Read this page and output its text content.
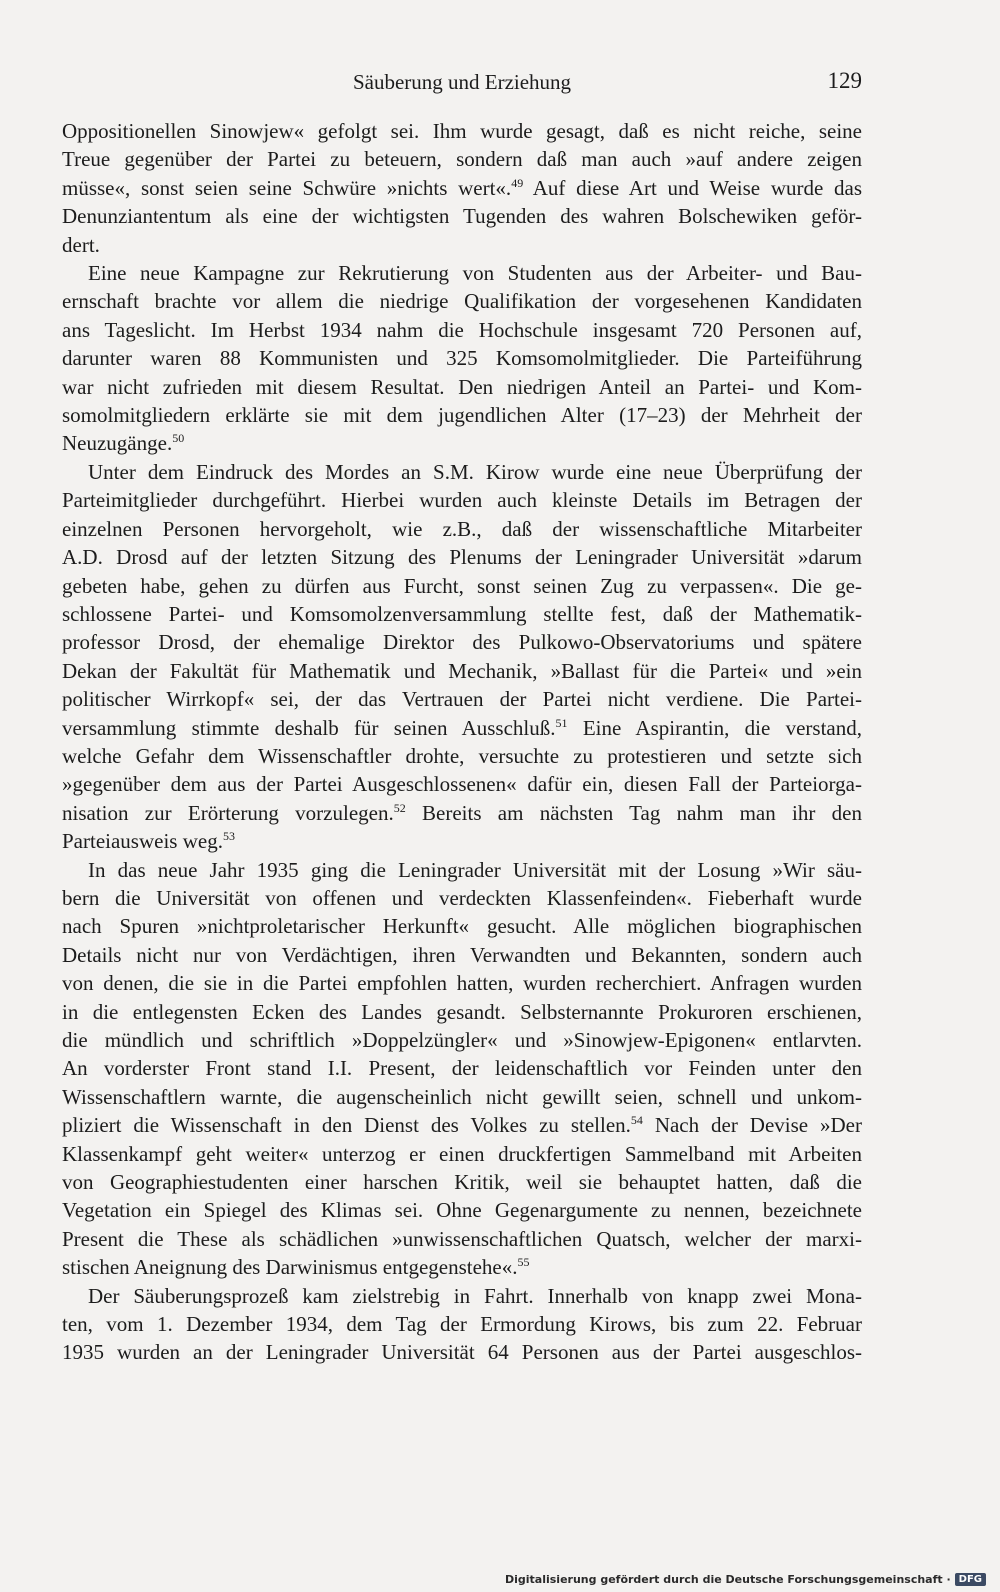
Säuberung und Erziehung	129
Oppositionellen Sinowjew« gefolgt sei. Ihm wurde gesagt, daß es nicht reiche, seine
Treue gegenüber der Partei zu beteuern, sondern daß man auch »auf andere zeigen
müsse«, sonst seien seine Schwüre »nichts wert«.$^{49}$ Auf diese Art und Weise wurde das
Denunziantentum als eine der wichtigsten Tugenden des wahren Bolschewiken geför-
dert.
Eine neue Kampagne zur Rekrutierung von Studenten aus der Arbeiter- und Bau-
ernschaft brachte vor allem die niedrige Qualifikation der vorgesehenen Kandidaten
ans Tageslicht. Im Herbst 1934 nahm die Hochschule insgesamt 720 Personen auf,
darunter waren 88 Kommunisten und 325 Komsomolmitglieder. Die Parteiführung
war nicht zufrieden mit diesem Resultat. Den niedrigen Anteil an Partei- und Kom-
somolmitgliedern erklärte sie mit dem jugendlichen Alter (17–23) der Mehrheit der
Neuzugänge.$^{50}$
Unter dem Eindruck des Mordes an S.M. Kirow wurde eine neue Überprüfung der
Parteimitglieder durchgeführt. Hierbei wurden auch kleinste Details im Betragen der
einzelnen Personen hervorgeholt, wie z.B., daß der wissenschaftliche Mitarbeiter
A.D. Drosd auf der letzten Sitzung des Plenums der Leningrader Universität »darum
gebeten habe, gehen zu dürfen aus Furcht, sonst seinen Zug zu verpassen«. Die ge-
schlossene Partei- und Komsomolzenversammlung stellte fest, daß der Mathematik-
professor Drosd, der ehemalige Direktor des Pulkowo-Observatoriums und spätere
Dekan der Fakultät für Mathematik und Mechanik, »Ballast für die Partei« und »ein
politischer Wirrkopf« sei, der das Vertrauen der Partei nicht verdiene. Die Partei-
versammlung stimmte deshalb für seinen Ausschluß.$^{51}$ Eine Aspirantin, die verstand,
welche Gefahr dem Wissenschaftler drohte, versuchte zu protestieren und setzte sich
»gegenüber dem aus der Partei Ausgeschlossenen« dafür ein, diesen Fall der Parteiorga-
nisation zur Erörterung vorzulegen.$^{52}$ Bereits am nächsten Tag nahm man ihr den
Parteiausweis weg.$^{53}$
In das neue Jahr 1935 ging die Leningrader Universität mit der Losung »Wir säu-
bern die Universität von offenen und verdeckten Klassenfeinden«. Fieberhaft wurde
nach Spuren »nichtproletarischer Herkunft« gesucht. Alle möglichen biographischen
Details nicht nur von Verdächtigen, ihren Verwandten und Bekannten, sondern auch
von denen, die sie in die Partei empfohlen hatten, wurden recherchiert. Anfragen wurden
in die entlegensten Ecken des Landes gesandt. Selbsternannte Prokuroren erschienen,
die mündlich und schriftlich »Doppelzüngler« und »Sinowjew-Epigonen« entlarvten.
An vorderster Front stand I.I. Present, der leidenschaftlich vor Feinden unter den
Wissenschaftlern warnte, die augenscheinlich nicht gewillt seien, schnell und unkom-
pliziert die Wissenschaft in den Dienst des Volkes zu stellen.$^{54}$ Nach der Devise »Der
Klassenkampf geht weiter« unterzog er einen druckfertigen Sammelband mit Arbeiten
von Geographiestudenten einer harschen Kritik, weil sie behauptet hatten, daß die
Vegetation ein Spiegel des Klimas sei. Ohne Gegenargumente zu nennen, bezeichnete
Present die These als schädlichen »unwissenschaftlichen Quatsch, welcher der marxi-
stischen Aneignung des Darwinismus entgegenstehe«.$^{55}$
Der Säuberungsprozeß kam zielstrebig in Fahrt. Innerhalb von knapp zwei Mona-
ten, vom 1. Dezember 1934, dem Tag der Ermordung Kirows, bis zum 22. Februar
1935 wurden an der Leningrader Universität 64 Personen aus der Partei ausgeschlos-
Digitalisierung gefördert durch die Deutsche Forschungsgemeinschaft · DFG
